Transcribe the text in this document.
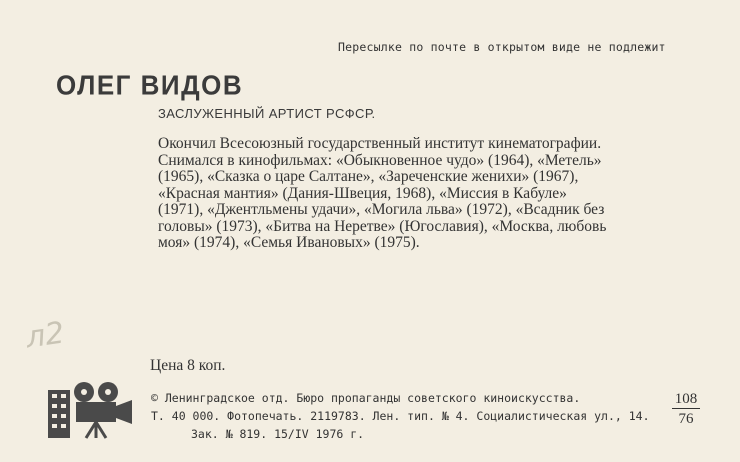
Пересылке по почте в открытом виде не подлежит
ОЛЕГ ВИДОВ
ЗАСЛУЖЕННЫЙ АРТИСТ РСФСР.

Окончил Всесоюзный государственный институт кинематографии.
Снимался в кинофильмах: «Обыкновенное чудо» (1964), «Метель»
(1965), «Сказка о царе Салтане», «Зареченские женихи» (1967),
«Красная мантия» (Дания-Швеция, 1968), «Миссия в Кабуле»
(1971), «Джентльмены удачи», «Могила льва» (1972), «Всадник без
головы» (1973), «Битва на Неретве» (Югославия), «Москва, любовь
моя» (1974), «Семья Ивановых» (1975).

л2
Цена 8 коп.
© Ленинградское отд. Бюро пропаганды советского киноискусства.
Т. 40 000. Фотопечать. 2119783. Лен. тип. № 4. Социалистическая ул., 14.
Зак. № 819. 15/IV 1976 г.
$\frac{108}{76}$
